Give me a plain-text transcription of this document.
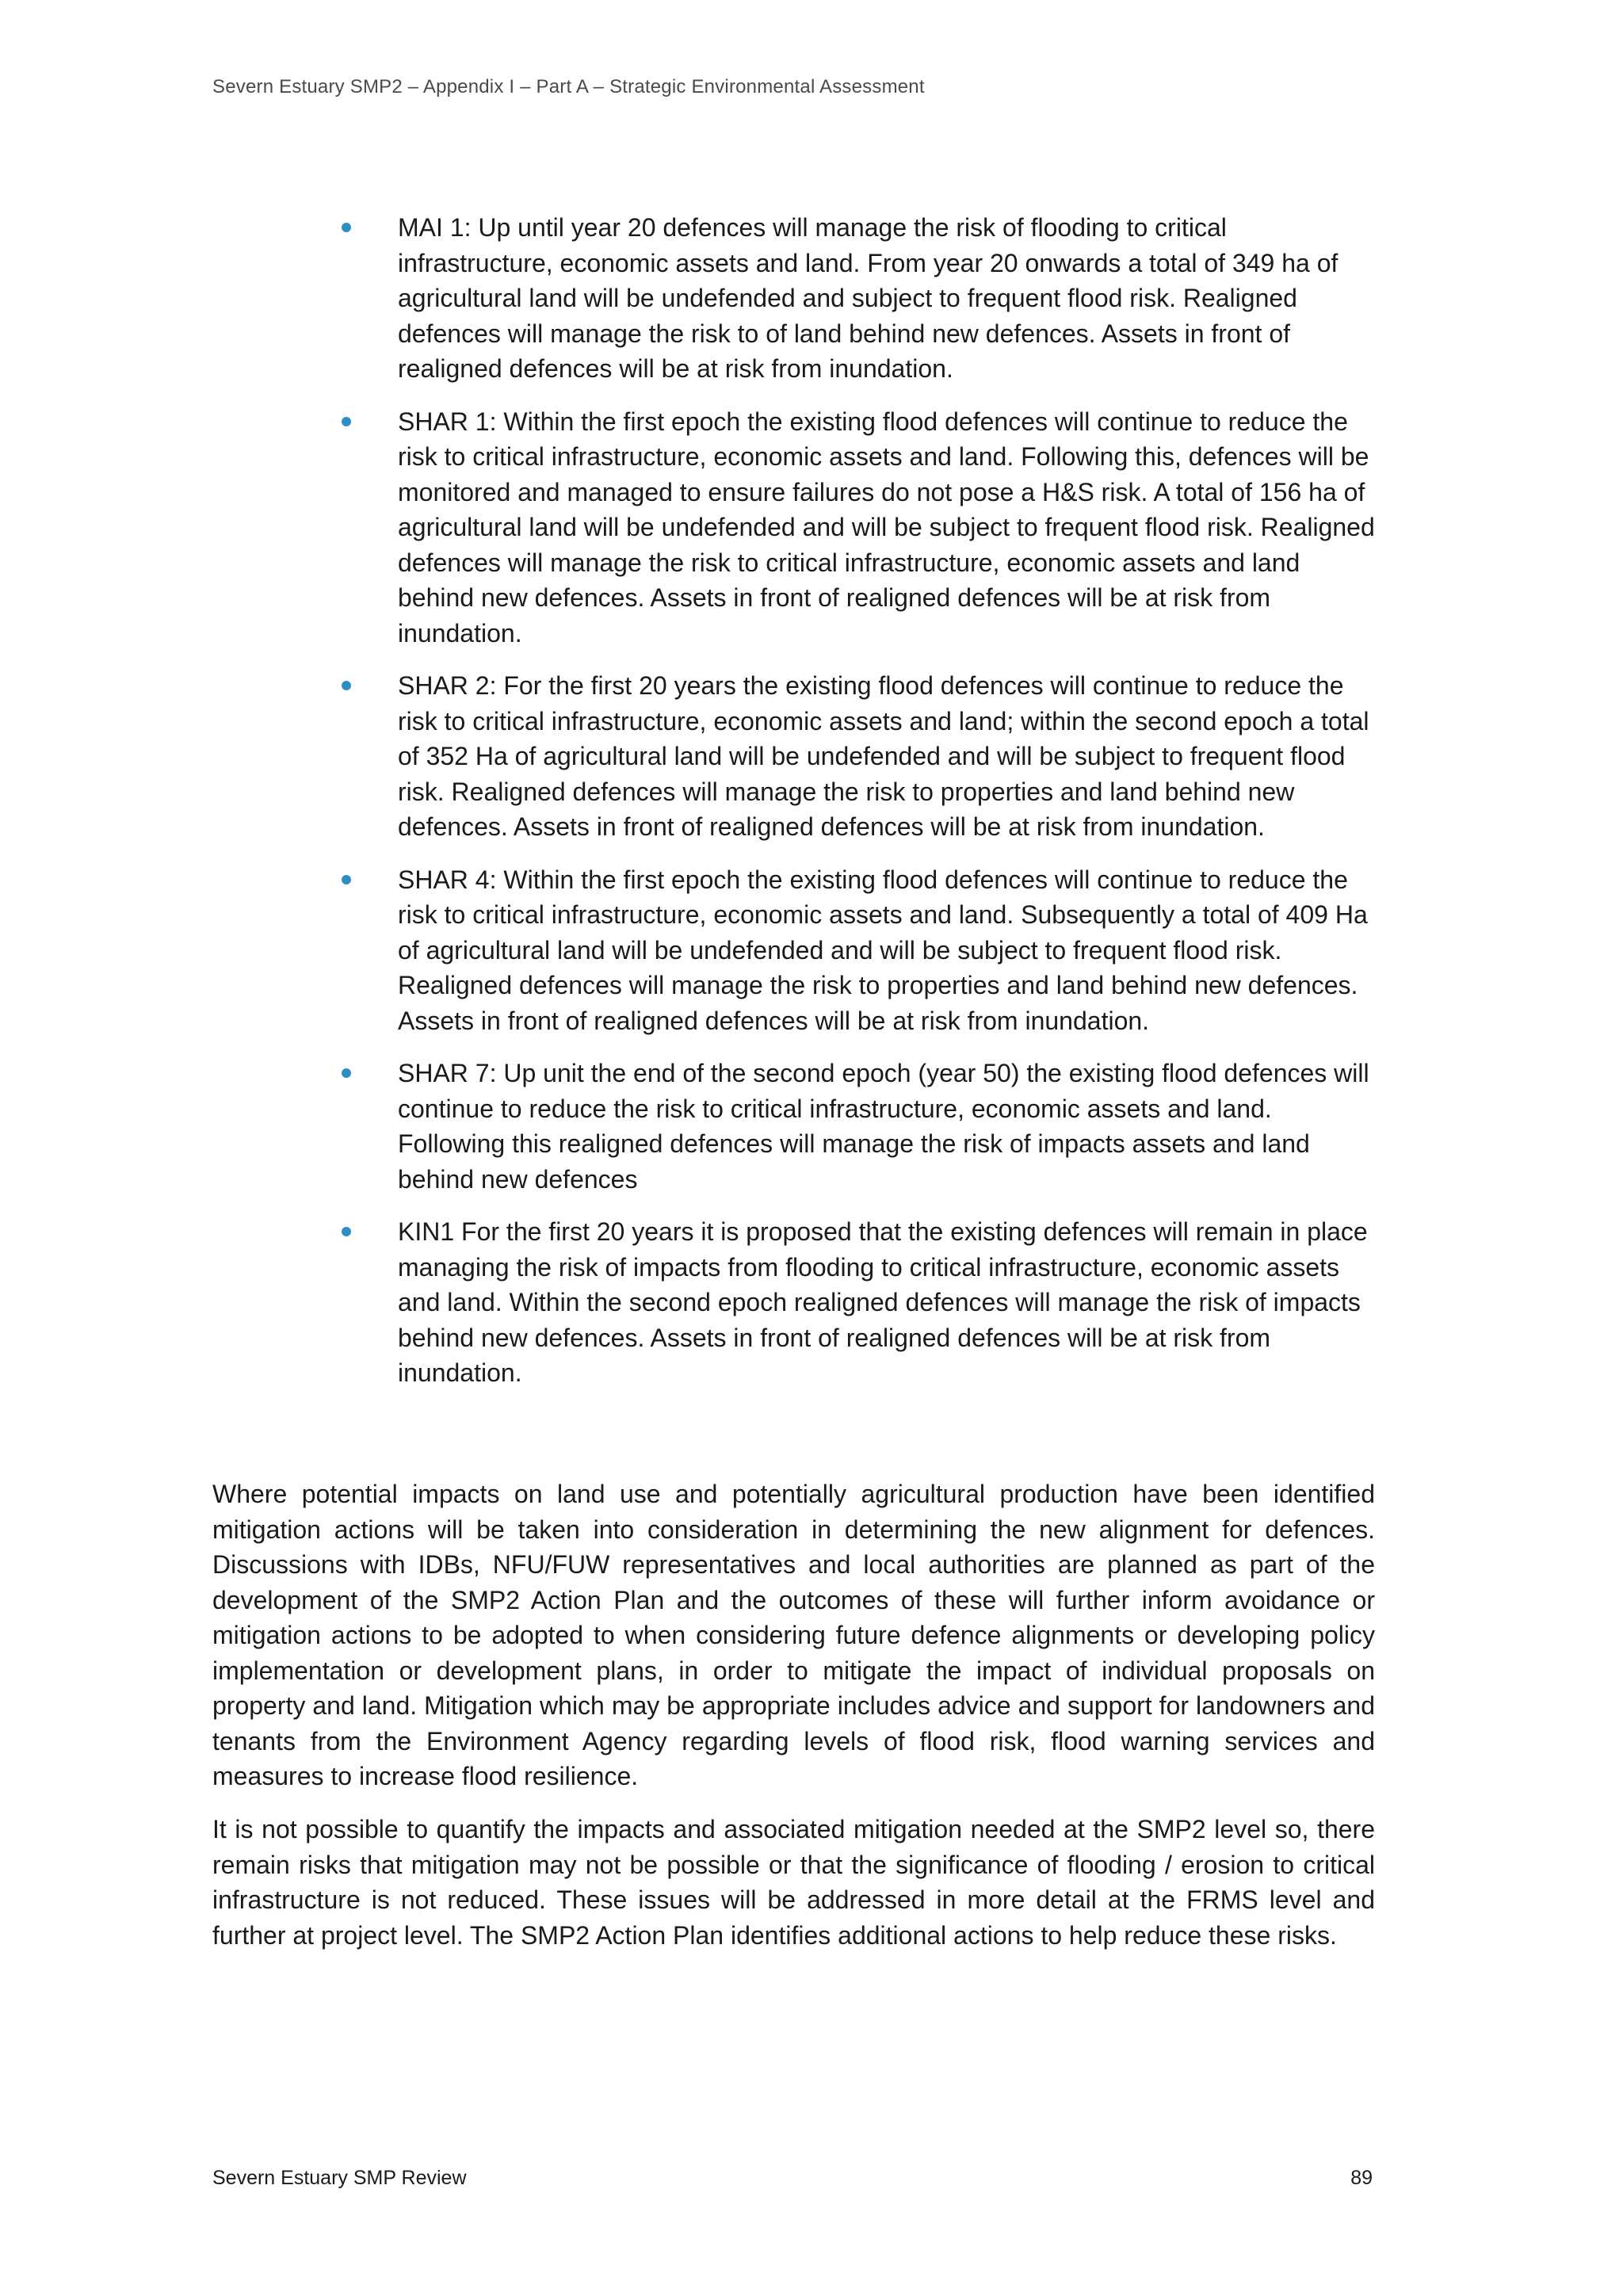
Severn Estuary SMP2 – Appendix I – Part A – Strategic Environmental Assessment
MAI 1: Up until year 20 defences will manage the risk of flooding to critical infrastructure, economic assets and land. From year 20 onwards a total of 349 ha of agricultural land will be undefended and subject to frequent flood risk. Realigned defences will manage the risk to of land behind new defences. Assets in front of realigned defences will be at risk from inundation.
SHAR 1: Within the first epoch the existing flood defences will continue to reduce the risk to critical infrastructure, economic assets and land. Following this, defences will be monitored and managed to ensure failures do not pose a H&S risk. A total of 156 ha of agricultural land will be undefended and will be subject to frequent flood risk. Realigned defences will manage the risk to critical infrastructure, economic assets and land behind new defences. Assets in front of realigned defences will be at risk from inundation.
SHAR 2: For the first 20 years the existing flood defences will continue to reduce the risk to critical infrastructure, economic assets and land; within the second epoch a total of 352 Ha of agricultural land will be undefended and will be subject to frequent flood risk. Realigned defences will manage the risk to properties and land behind new defences. Assets in front of realigned defences will be at risk from inundation.
SHAR 4: Within the first epoch the existing flood defences will continue to reduce the risk to critical infrastructure, economic assets and land. Subsequently a total of 409 Ha of agricultural land will be undefended and will be subject to frequent flood risk. Realigned defences will manage the risk to properties and land behind new defences. Assets in front of realigned defences will be at risk from inundation.
SHAR 7: Up unit the end of the second epoch (year 50) the existing flood defences will continue to reduce the risk to critical infrastructure, economic assets and land. Following this realigned defences will manage the risk of impacts assets and land behind new defences
KIN1 For the first 20 years it is proposed that the existing defences will remain in place managing the risk of impacts from flooding to critical infrastructure, economic assets and land. Within the second epoch realigned defences will manage the risk of impacts behind new defences. Assets in front of realigned defences will be at risk from inundation.

Where potential impacts on land use and potentially agricultural production have been identified mitigation actions will be taken into consideration in determining the new alignment for defences. Discussions with IDBs, NFU/FUW representatives and local authorities are planned as part of the development of the SMP2 Action Plan and the outcomes of these will further inform avoidance or mitigation actions to be adopted to when considering future defence alignments or developing policy implementation or development plans, in order to mitigate the impact of individual proposals on property and land. Mitigation which may be appropriate includes advice and support for landowners and tenants from the Environment Agency regarding levels of flood risk, flood warning services and measures to increase flood resilience.

It is not possible to quantify the impacts and associated mitigation needed at the SMP2 level so, there remain risks that mitigation may not be possible or that the significance of flooding / erosion to critical infrastructure is not reduced. These issues will be addressed in more detail at the FRMS level and further at project level. The SMP2 Action Plan identifies additional actions to help reduce these risks.

Severn Estuary SMP Review	89
